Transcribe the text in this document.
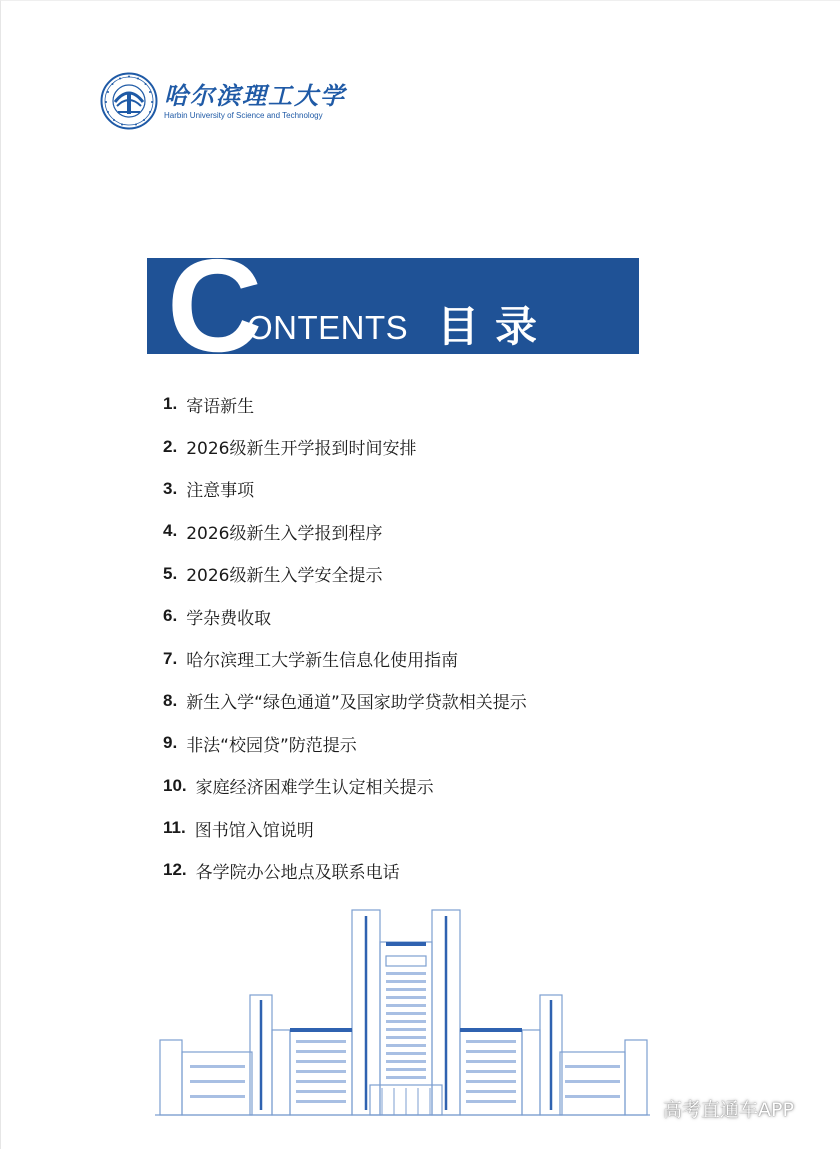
哈尔滨理工大学
Harbin University of Science and Technology
C
ONTENTS 目录
1. 寄语新生
2. 2026级新生开学报到时间安排
3. 注意事项
4. 2026级新生入学报到程序
5. 2026级新生入学安全提示
6. 学杂费收取
7. 哈尔滨理工大学新生信息化使用指南
8. 新生入学“绿色通道”及国家助学贷款相关提示
9. 非法“校园贷”防范提示
10. 家庭经济困难学生认定相关提示
11. 图书馆入馆说明
12. 各学院办公地点及联系电话
高考直通车APP
